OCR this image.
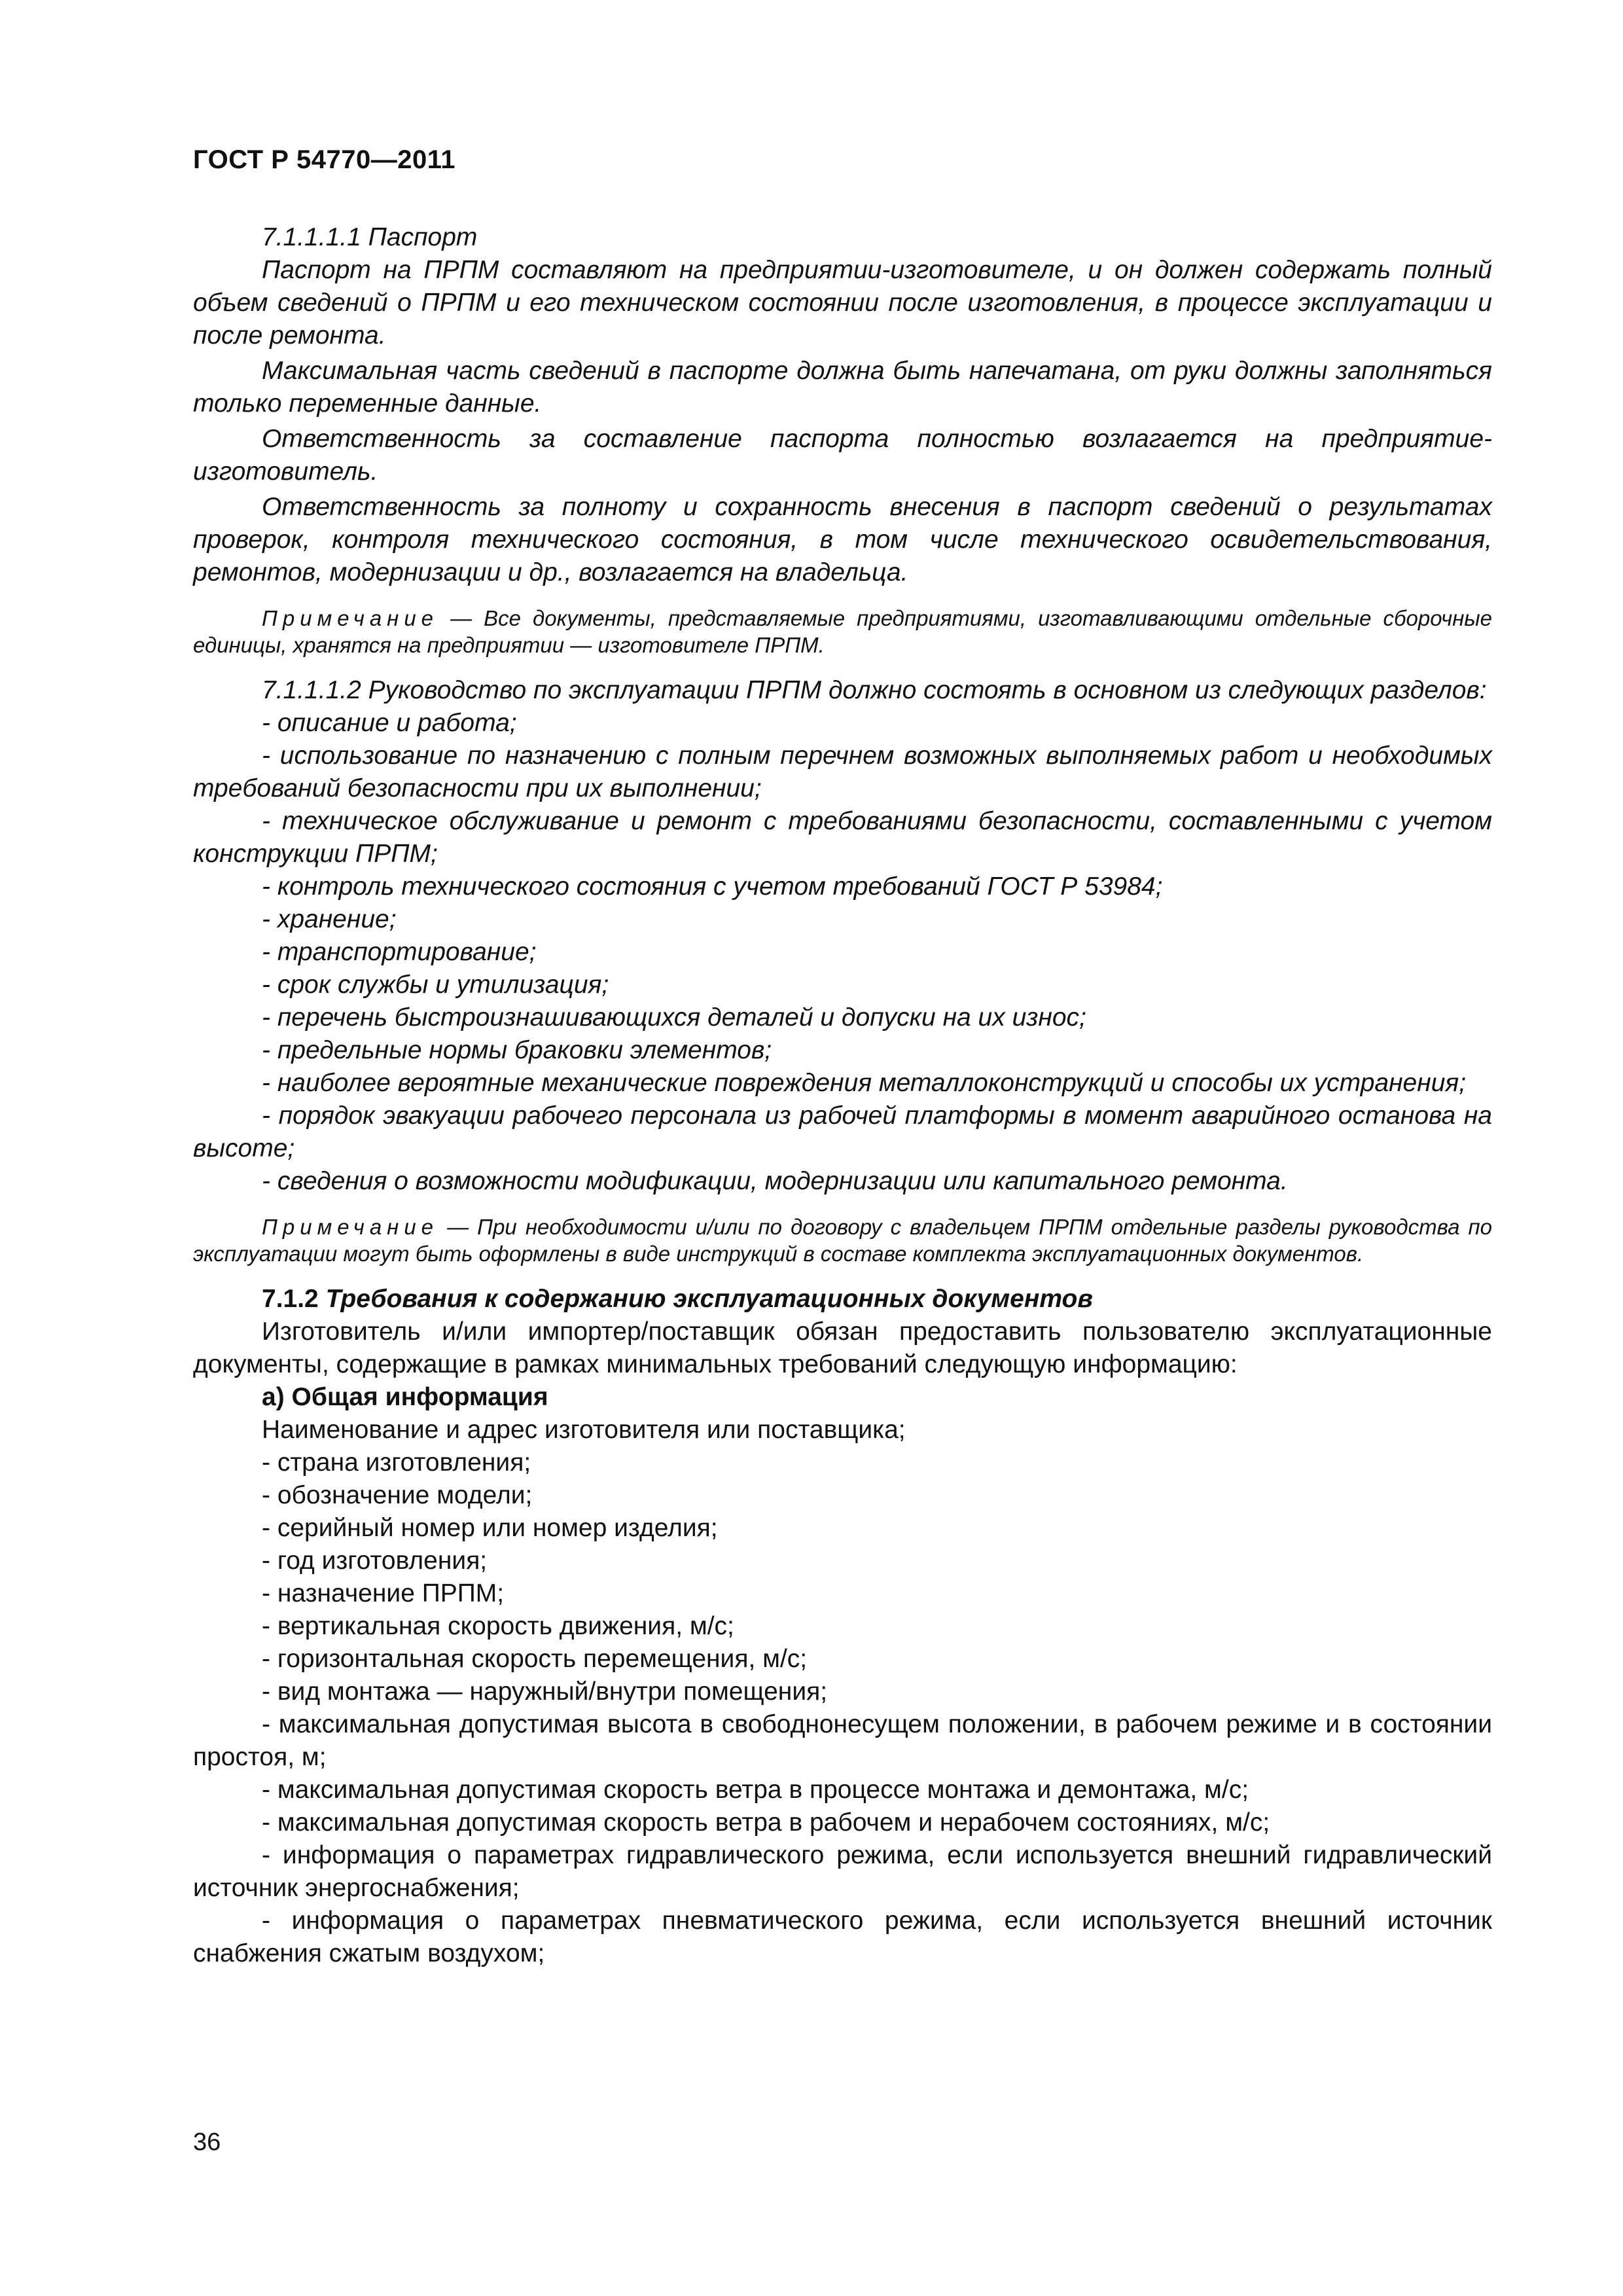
ГОСТ Р 54770—2011

7.1.1.1.1 Паспорт

Паспорт на ПРПМ составляют на предприятии-изготовителе, и он должен содержать полный объем сведений о ПРПМ и его техническом состоянии после изготовления, в процессе эксплуатации и после ремонта.

Максимальная часть сведений в паспорте должна быть напечатана, от руки должны заполняться только переменные данные.

Ответственность за составление паспорта полностью возлагается на предприятие-изготовитель.

Ответственность за полноту и сохранность внесения в паспорт сведений о результатах проверок, контроля технического состояния, в том числе технического освидетельствования, ремонтов, модернизации и др., возлагается на владельца.

Примечание — Все документы, представляемые предприятиями, изготавливающими отдельные сборочные единицы, хранятся на предприятии — изготовителе ПРПМ.

7.1.1.1.2 Руководство по эксплуатации ПРПМ должно состоять в основном из следующих разделов:

- описание и работа;

- использование по назначению с полным перечнем возможных выполняемых работ и необходимых требований безопасности при их выполнении;

- техническое обслуживание и ремонт с требованиями безопасности, составленными с учетом конструкции ПРПМ;

- контроль технического состояния с учетом требований ГОСТ Р 53984;

- хранение;

- транспортирование;

- срок службы и утилизация;

- перечень быстроизнашивающихся деталей и допуски на их износ;

- предельные нормы браковки элементов;

- наиболее вероятные механические повреждения металлоконструкций и способы их устранения;

- порядок эвакуации рабочего персонала из рабочей платформы в момент аварийного останова на высоте;

- сведения о возможности модификации, модернизации или капитального ремонта.

Примечание — При необходимости и/или по договору с владельцем ПРПМ отдельные разделы руководства по эксплуатации могут быть оформлены в виде инструкций в составе комплекта эксплуатационных документов.

7.1.2 Требования к содержанию эксплуатационных документов

Изготовитель и/или импортер/поставщик обязан предоставить пользователю эксплуатационные документы, содержащие в рамках минимальных требований следующую информацию:

а) Общая информация

Наименование и адрес изготовителя или поставщика;

- страна изготовления;

- обозначение модели;

- серийный номер или номер изделия;

- год изготовления;

- назначение ПРПМ;

- вертикальная скорость движения, м/с;

- горизонтальная скорость перемещения, м/с;

- вид монтажа — наружный/внутри помещения;

- максимальная допустимая высота в свободнонесущем положении, в рабочем режиме и в состоянии простоя, м;

- максимальная допустимая скорость ветра в процессе монтажа и демонтажа, м/с;

- максимальная допустимая скорость ветра в рабочем и нерабочем состояниях, м/с;

- информация о параметрах гидравлического режима, если используется внешний гидравлический источник энергоснабжения;

- информация о параметрах пневматического режима, если используется внешний источник снабжения сжатым воздухом;

36
